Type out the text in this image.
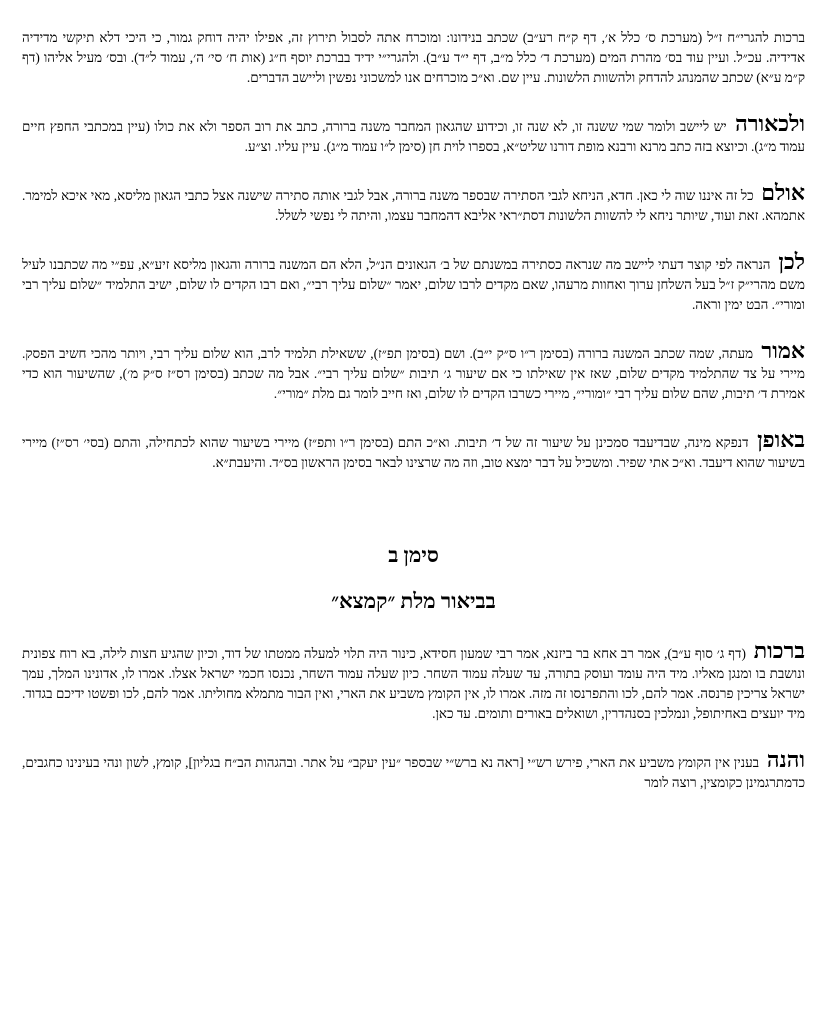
ברכות להגרי״ח ז״ל (מערכת ס׳ כלל א׳, דף ק״ח רע״ב) שכתב בנידונו: ומוכרח אתה לסבול תירוץ זה, אפילו יהיה דוחק גמור, כי היכי דלא תיקשי מדידיה אדידיה. עכ״ל. ועיין עוד בס׳ מהרת המים (מערכת ד׳ כלל מ״ב, דף י״ד ע״ב). ולהגרי״י ידיד בברכת יוסף ח״ג (אות ח׳ סי׳ ה׳, עמוד ל״ד). ובס׳ מעיל אליהו (דף ק״מ ע״א) שכתב שהמנהג להדחק ולהשוות הלשונות. עיין שם. וא״כ מוכרחים אנו למשכוני נפשין וליישב הדברים.

ולכאורה יש ליישב ולומר שמי ששנה זו, לא שנה זו, וכידוע שהגאון המחבר משנה ברורה, כתב את רוב הספר ולא את כולו (עיין במכתבי החפץ חיים עמוד מ״ג). וכיוצא בזה כתב מרנא ורבנא מופת דורנו שליט״א, בספרו לוית חן (סימן ל״ו עמוד מ״ג). עיין עליו. וצ״ע.

אולם כל זה איננו שוה לי כאן. חדא, הניחא לגבי הסתירה שבספר משנה ברורה, אבל לגבי אותה סתירה שישנה אצל כתבי הגאון מליסא, מאי איכא למימר. אתמהא. זאת ועוד, שיותר ניחא לי להשוות הלשונות דסת״ראי אליבא דהמחבר עצמו, והיתה לי נפשי לשלל.

לכן הנראה לפי קוצר דעתי ליישב מה שנראה כסתירה במשנתם של ב׳ הגאונים הנ״ל, הלא הם המשנה ברורה והגאון מליסא זיע״א, עפ״י מה שכתבנו לעיל משם מהרי״ק ז״ל בעל השלחן ערוך ואחוות מרעהו, שאם מקדים לרבו שלום, יאמר ״שלום עליך רבי״, ואם רבו הקדים לו שלום, ישיב התלמיד ״שלום עליך רבי ומורי״. הבט ימין וראה.

אמור מעתה, שמה שכתב המשנה ברורה (בסימן ר״ו ס״ק י״ב). ושם (בסימן תפ״ז), ששאילת תלמיד לרב, הוא שלום עליך רבי, ויותר מהכי חשיב הפסק. מיירי על צד שהתלמיד מקדים שלום, שאז אין שאילתו כי אם שיעור ג׳ תיבות ״שלום עליך רבי״. אבל מה שכתב (בסימן רס״ז ס״ק מ׳), שהשיעור הוא כדי אמירת ד׳ תיבות, שהם שלום עליך רבי ״ומורי״, מיירי כשרבו הקדים לו שלום, ואז חייב לומר גם מלת ״מורי״.

באופן דנפקא מינה, שבדיעבד סמכינן על שיעור זה של ד׳ תיבות. וא״כ התם (בסימן ר״ו ותפ״ז) מיירי בשיעור שהוא לכתחילה, והתם (בסי׳ רס״ז) מיירי בשיעור שהוא דיעבד. וא״כ אתי שפיר. ומשכיל על דבר ימצא טוב, וזה מה שרצינו לבאר בסימן הראשון בס״ד. והיעבת״א.

סימן ב
בביאור מלת ״קמצא״

ברכות (דף ג׳ סוף ע״ב), אמר רב אחא בר ביזנא, אמר רבי שמעון חסידא, כינור היה תלוי למעלה ממטתו של דוד, וכיון שהגיע חצות לילה, בא רוח צפונית ונושבת בו ומנגן מאליו. מיד היה עומד ועוסק בתורה, עד שעלה עמוד השחר. כיון שעלה עמוד השחר, נכנסו חכמי ישראל אצלו. אמרו לו, אדונינו המלך, עמך ישראל צריכין פרנסה. אמר להם, לכו והתפרנסו זה מזה. אמרו לו, אין הקומץ משביע את הארי, ואין הבור מתמלא מחוליתו. אמר להם, לכו ופשטו ידיכם בגדוד. מיד יועצים באחיתופל, ונמלכין בסנהדרין, ושואלים באורים ותומים. עד כאן.

והנה בענין אין הקומץ משביע את הארי, פירש רש״י [ראה נא ברש״י שבספר ״עין יעקב״ על אתר. ובהגהות הב״ח בגליון], קומץ, לשון ונהי בעינינו כחגבים, כדמתרגמינן כקומצין, רוצה לומר
